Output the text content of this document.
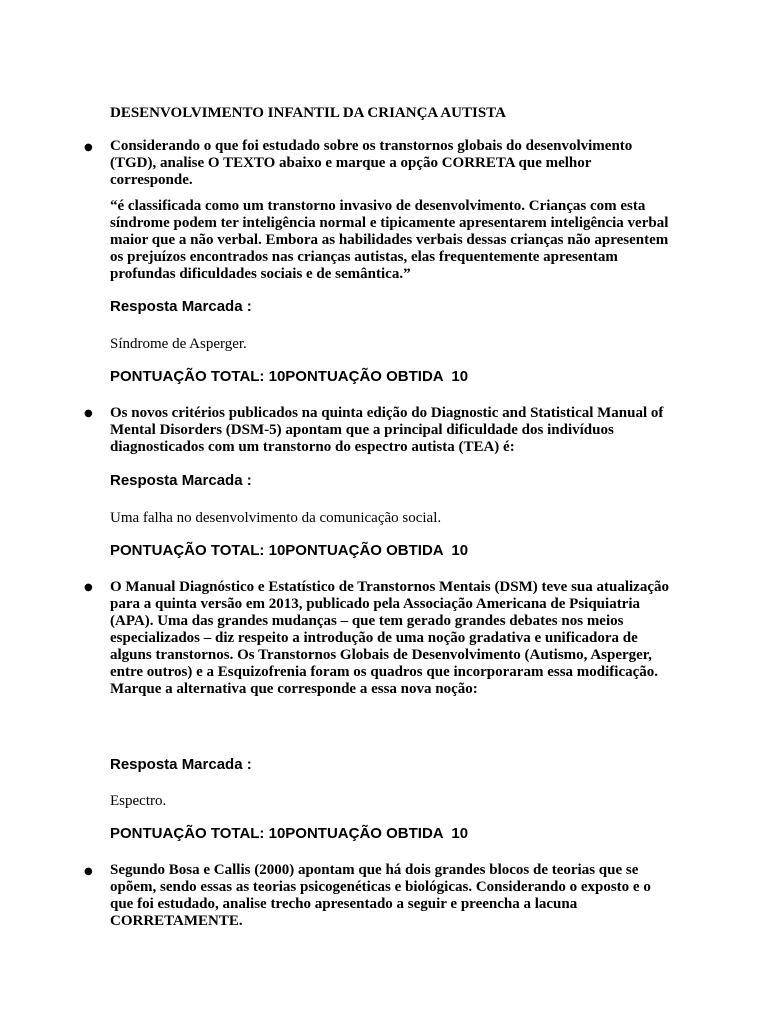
DESENVOLVIMENTO INFANTIL DA CRIANÇA AUTISTA
● Considerando o que foi estudado sobre os transtornos globais do desenvolvimento (TGD), analise O TEXTO abaixo e marque a opção CORRETA que melhor corresponde.

“é classificada como um transtorno invasivo de desenvolvimento. Crianças com esta síndrome podem ter inteligência normal e tipicamente apresentarem inteligência verbal maior que a não verbal. Embora as habilidades verbais dessas crianças não apresentem os prejuízos encontrados nas crianças autistas, elas frequentemente apresentam profundas dificuldades sociais e de semântica.”

Resposta Marcada :

Síndrome de Asperger.

PONTUAÇÃO TOTAL: 10PONTUAÇÃO OBTIDA  10

● Os novos critérios publicados na quinta edição do Diagnostic and Statistical Manual of Mental Disorders (DSM-5) apontam que a principal dificuldade dos indivíduos diagnosticados com um transtorno do espectro autista (TEA) é:

Resposta Marcada :

Uma falha no desenvolvimento da comunicação social.

PONTUAÇÃO TOTAL: 10PONTUAÇÃO OBTIDA  10

● O Manual Diagnóstico e Estatístico de Transtornos Mentais (DSM) teve sua atualização para a quinta versão em 2013, publicado pela Associação Americana de Psiquiatria (APA). Uma das grandes mudanças – que tem gerado grandes debates nos meios especializados – diz respeito a introdução de uma noção gradativa e unificadora de alguns transtornos. Os Transtornos Globais de Desenvolvimento (Autismo, Asperger, entre outros) e a Esquizofrenia foram os quadros que incorporaram essa modificação. Marque a alternativa que corresponde a essa nova noção:

Resposta Marcada :

Espectro.

PONTUAÇÃO TOTAL: 10PONTUAÇÃO OBTIDA  10

● Segundo Bosa e Callis (2000) apontam que há dois grandes blocos de teorias que se opõem, sendo essas as teorias psicogenéticas e biológicas. Considerando o exposto e o que foi estudado, analise trecho apresentado a seguir e preencha a lacuna CORRETAMENTE.
